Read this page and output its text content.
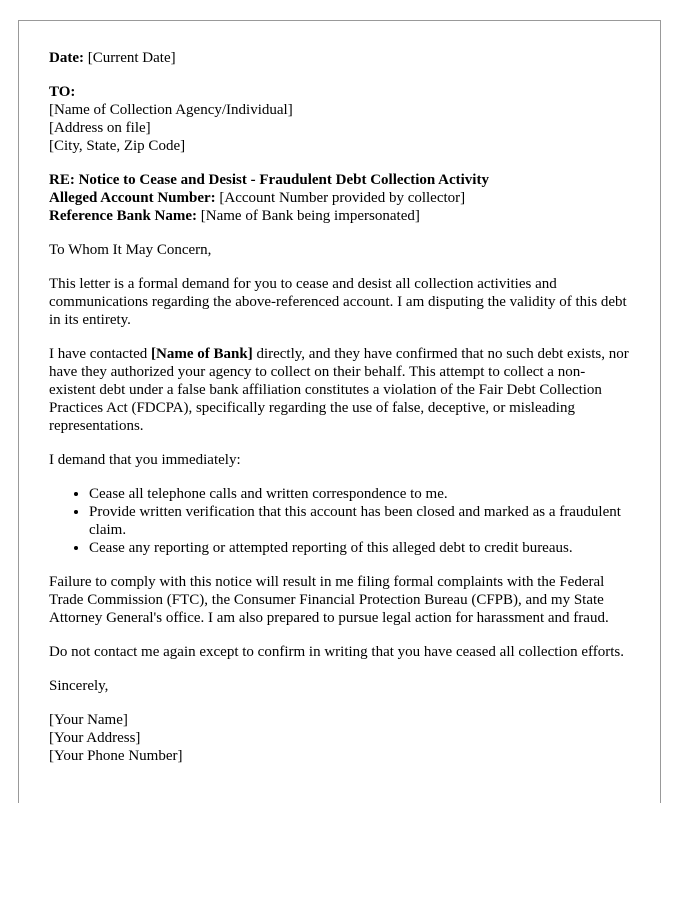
Date: [Current Date]
TO:
[Name of Collection Agency/Individual]
[Address on file]
[City, State, Zip Code]
RE: Notice to Cease and Desist - Fraudulent Debt Collection Activity
Alleged Account Number: [Account Number provided by collector]
Reference Bank Name: [Name of Bank being impersonated]
To Whom It May Concern,
This letter is a formal demand for you to cease and desist all collection activities and communications regarding the above-referenced account. I am disputing the validity of this debt in its entirety.
I have contacted [Name of Bank] directly, and they have confirmed that no such debt exists, nor have they authorized your agency to collect on their behalf. This attempt to collect a non-existent debt under a false bank affiliation constitutes a violation of the Fair Debt Collection Practices Act (FDCPA), specifically regarding the use of false, deceptive, or misleading representations.
I demand that you immediately:
• Cease all telephone calls and written correspondence to me.
• Provide written verification that this account has been closed and marked as a fraudulent claim.
• Cease any reporting or attempted reporting of this alleged debt to credit bureaus.
Failure to comply with this notice will result in me filing formal complaints with the Federal Trade Commission (FTC), the Consumer Financial Protection Bureau (CFPB), and my State Attorney General's office. I am also prepared to pursue legal action for harassment and fraud.
Do not contact me again except to confirm in writing that you have ceased all collection efforts.
Sincerely,
[Your Name]
[Your Address]
[Your Phone Number]
